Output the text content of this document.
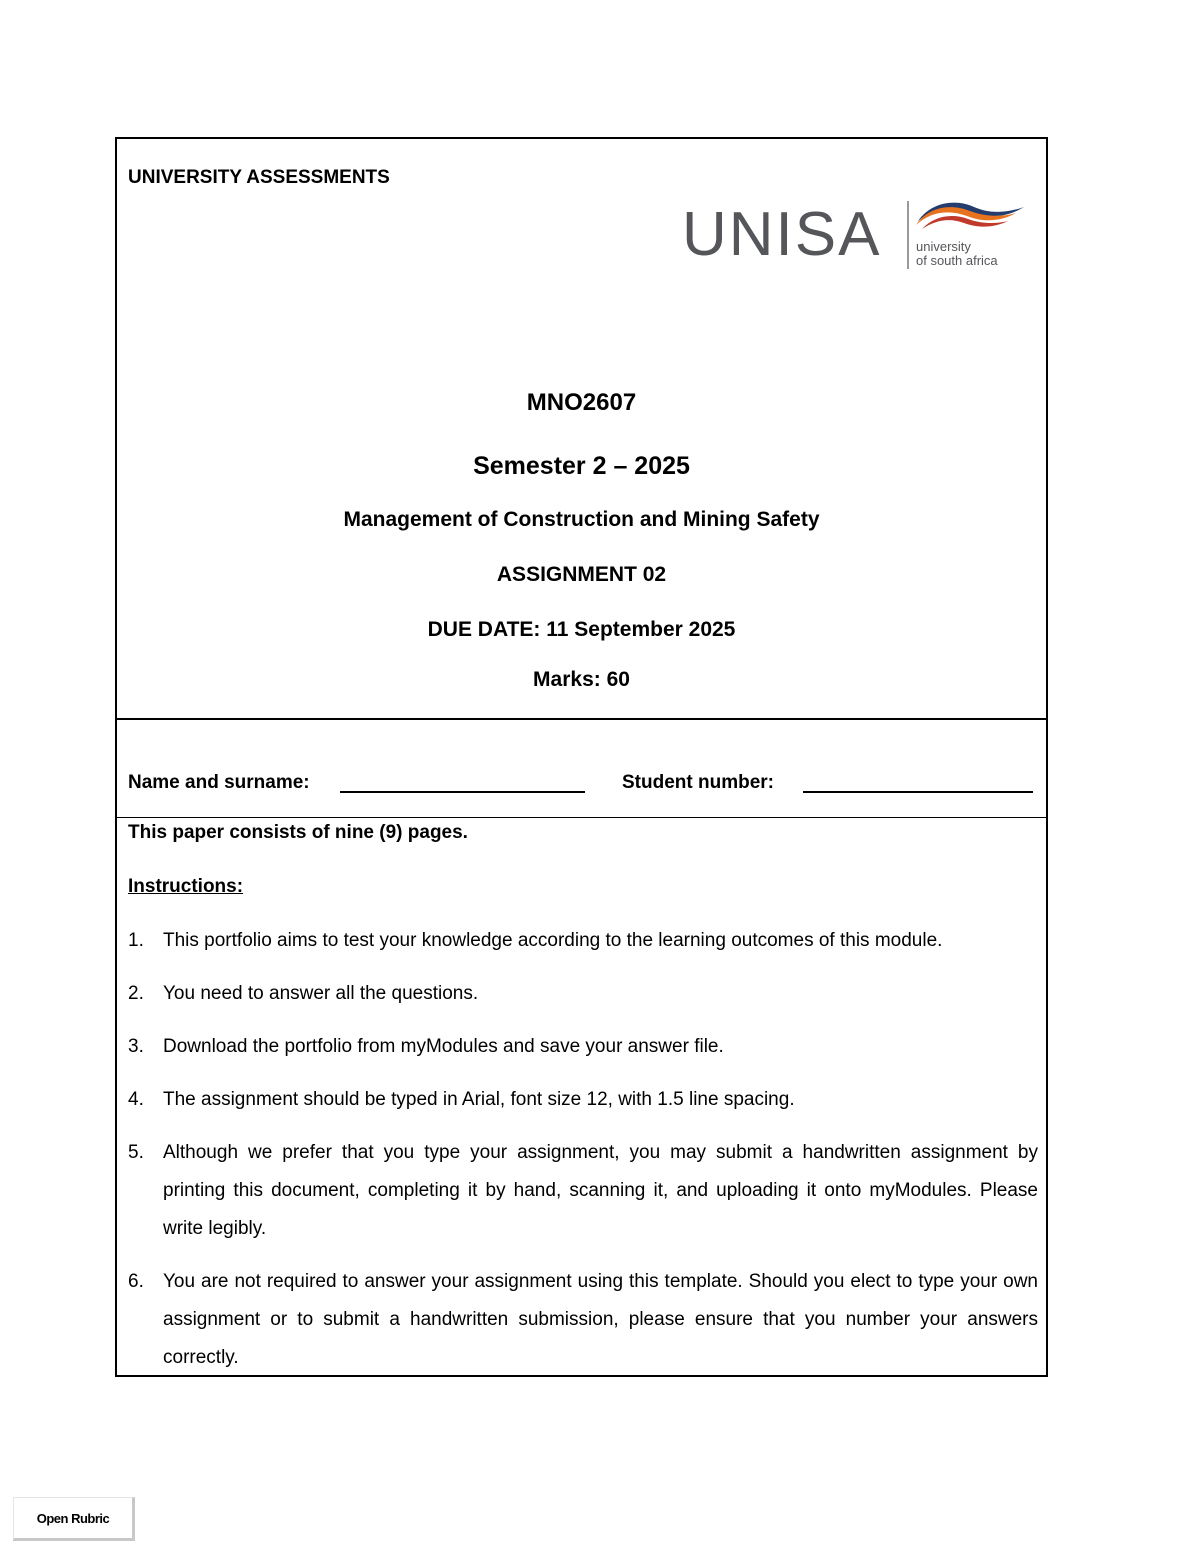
UNIVERSITY ASSESSMENTS
UNISA	university
of south africa
MNO2607
Semester 2 – 2025
Management of Construction and Mining Safety
ASSIGNMENT 02
DUE DATE: 11 September 2025
Marks: 60
Name and surname:	Student number:
This paper consists of nine (9) pages.
Instructions:
1. This portfolio aims to test your knowledge according to the learning outcomes of this module.
2. You need to answer all the questions.
3. Download the portfolio from myModules and save your answer file.
4. The assignment should be typed in Arial, font size 12, with 1.5 line spacing.
5. Although we prefer that you type your assignment, you may submit a handwritten assignment by printing this document, completing it by hand, scanning it, and uploading it onto myModules. Please write legibly.
6. You are not required to answer your assignment using this template. Should you elect to type your own assignment or to submit a handwritten submission, please ensure that you number your answers correctly.
Open Rubric
